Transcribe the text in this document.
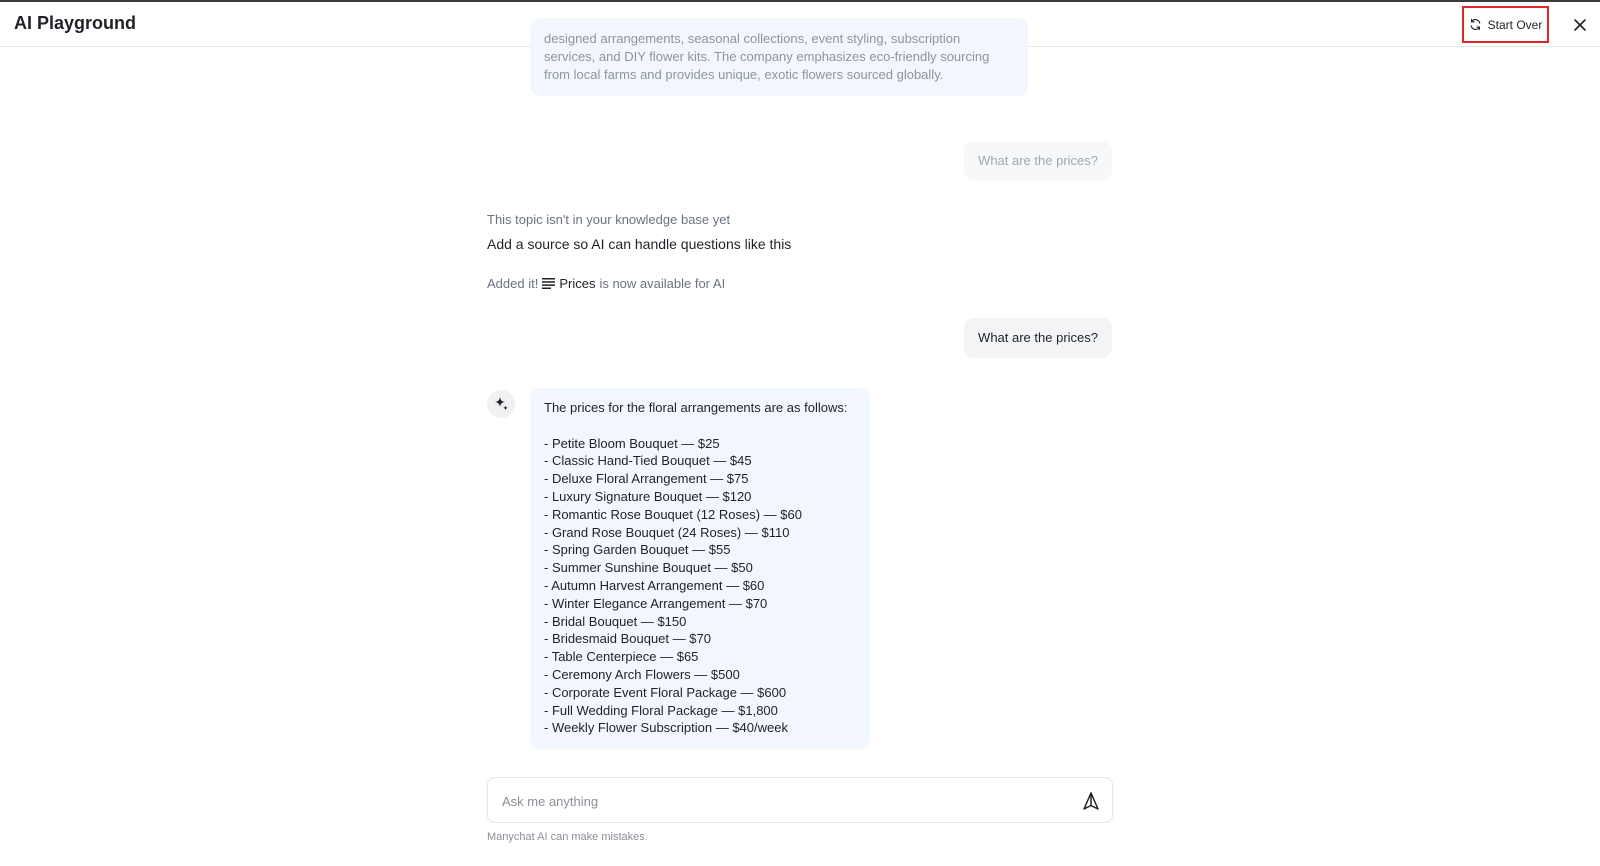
AI Playground	Start Over
designed arrangements, seasonal collections, event styling, subscription services, and DIY flower kits. The company emphasizes eco-friendly sourcing from local farms and provides unique, exotic flowers sourced globally.
What are the prices?
This topic isn't in your knowledge base yet
Add a source so AI can handle questions like this
Added it! Prices is now available for AI
What are the prices?
The prices for the floral arrangements are as follows:
- Petite Bloom Bouquet — $25
- Classic Hand-Tied Bouquet — $45
- Deluxe Floral Arrangement — $75
- Luxury Signature Bouquet — $120
- Romantic Rose Bouquet (12 Roses) — $60
- Grand Rose Bouquet (24 Roses) — $110
- Spring Garden Bouquet — $55
- Summer Sunshine Bouquet — $50
- Autumn Harvest Arrangement — $60
- Winter Elegance Arrangement — $70
- Bridal Bouquet — $150
- Bridesmaid Bouquet — $70
- Table Centerpiece — $65
- Ceremony Arch Flowers — $500
- Corporate Event Floral Package — $600
- Full Wedding Floral Package — $1,800
- Weekly Flower Subscription — $40/week
Ask me anything
Manychat AI can make mistakes.
